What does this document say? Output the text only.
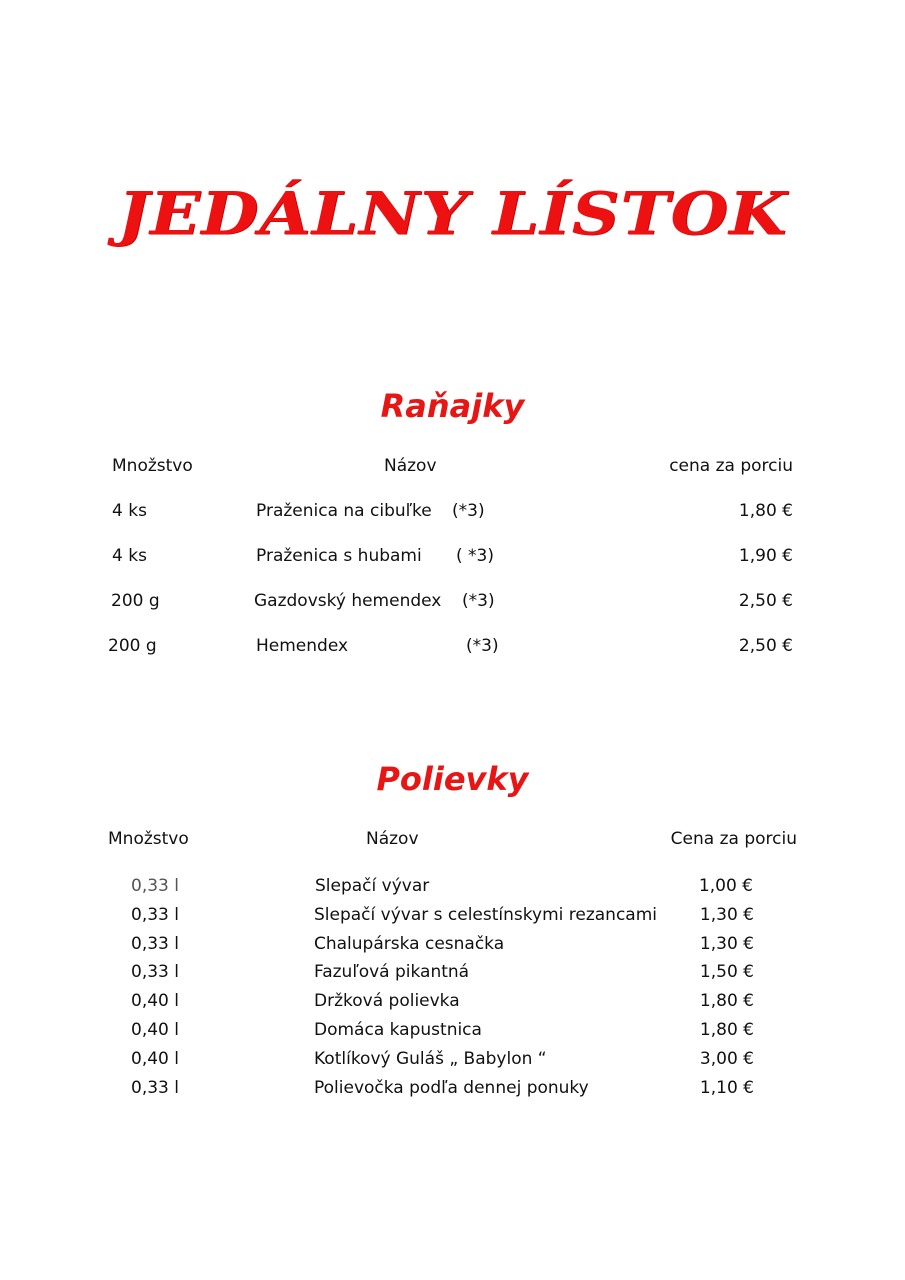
JEDÁLNY LÍSTOK
Raňajky
Množstvo	Názov	cena za porciu
4 ks	Praženica na cibuľke (*3)	1,80 €
4 ks	Praženica s hubami ( *3)	1,90 €
200 g	Gazdovský hemendex (*3)	2,50 €
200 g	Hemendex	(*3)	2,50 €
Polievky
Množstvo	Názov	Cena za porciu
0,33 l	Slepačí vývar	1,00 €
0,33 l	Slepačí vývar s celestínskymi rezancami	1,30 €
0,33 l	Chalupárska cesnačka	1,30 €
0,33 l	Fazuľová pikantná	1,50 €
0,40 l	Držková polievka	1,80 €
0,40 l	Domáca kapustnica	1,80 €
0,40 l	Kotlíkový Guláš „ Babylon “	3,00 €
0,33 l	Polievočka podľa dennej ponuky	1,10 €
